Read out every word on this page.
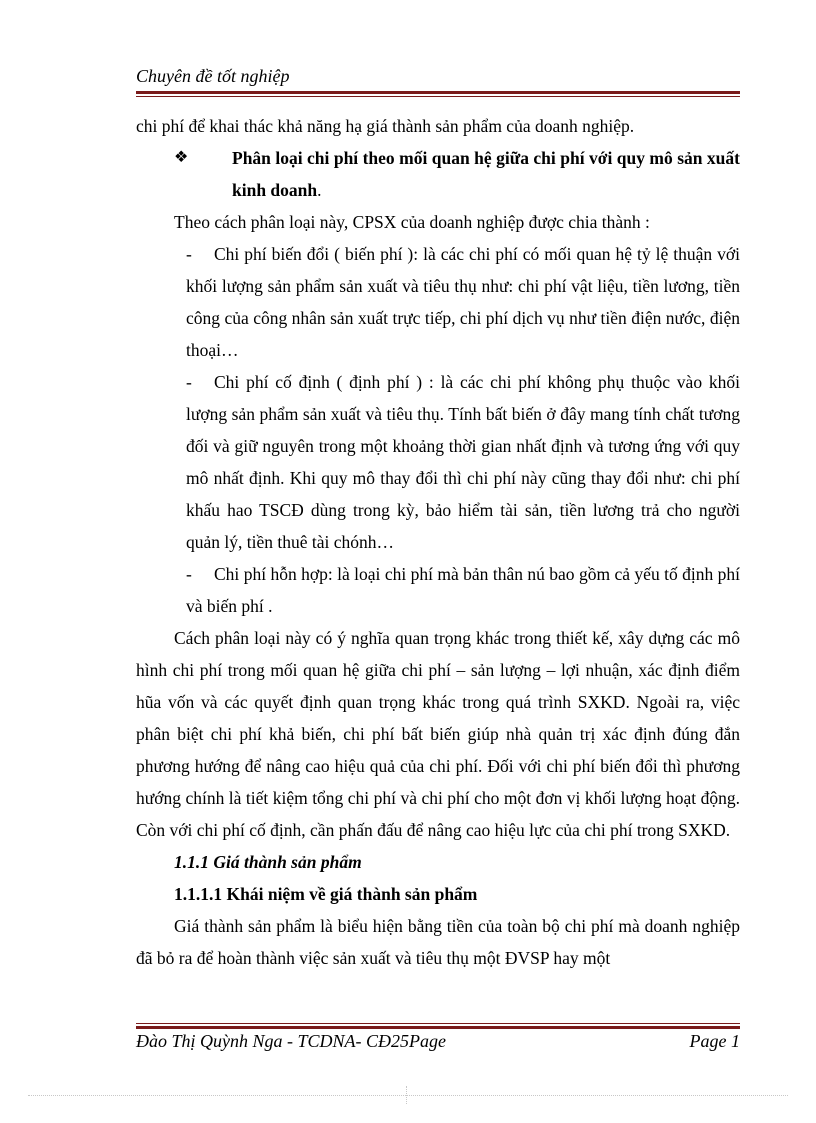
Chuyên đề tốt nghiệp

chi phí để khai thác khả năng hạ giá thành sản phẩm của doanh nghiệp.

❖	Phân loại chi phí theo mối quan hệ giữa chi phí với quy mô sản xuất kinh doanh.

Theo cách phân loại này, CPSX của doanh nghiệp được chia thành :

-	Chi phí biến đổi ( biến phí ): là các chi phí có mối quan hệ tỷ lệ thuận với khối lượng sản phẩm sản xuất và tiêu thụ như: chi phí vật liệu, tiền lương, tiền công của công nhân sản xuất trực tiếp, chi phí dịch vụ như tiền điện nước, điện thoại…

-	Chi phí cố định ( định phí ) : là các chi phí không phụ thuộc vào khối lượng sản phẩm sản xuất và tiêu thụ. Tính bất biến ở đây mang tính chất tương đối và giữ nguyên trong một khoảng thời gian nhất định và tương ứng với quy mô nhất định. Khi quy mô thay đổi thì chi phí này cũng thay đổi như: chi phí khấu hao TSCĐ dùng trong kỳ, bảo hiểm tài sản, tiền lương trả cho người quản lý, tiền thuê tài chónh…

-	Chi phí hỗn hợp: là loại chi phí mà bản thân nú bao gồm cả yếu tố định phí và biến phí .

Cách phân loại này có ý nghĩa quan trọng khác trong thiết kế, xây dựng các mô hình chi phí trong mối quan hệ giữa chi phí – sản lượng – lợi nhuận, xác định điểm hũa vốn và các quyết định quan trọng khác trong quá trình SXKD. Ngoài ra, việc phân biệt chi phí khả biến, chi phí bất biến giúp nhà quản trị xác định đúng đắn phương hướng để nâng cao hiệu quả của chi phí. Đối với chi phí biến đổi thì phương hướng chính là tiết kiệm tổng chi phí và chi phí cho một đơn vị khối lượng hoạt động. Còn với chi phí cố định, cần phấn đấu để nâng cao hiệu lực của chi phí trong SXKD.

1.1.1 Giá thành sản phẩm

1.1.1.1 Khái niệm về giá thành sản phẩm

Giá thành sản phẩm là biểu hiện bằng tiền của toàn bộ chi phí mà doanh nghiệp đã bỏ ra để hoàn thành việc sản xuất và tiêu thụ một ĐVSP hay một

Đào Thị Quỳnh Nga - TCDNA- CĐ25Page	Page 1
